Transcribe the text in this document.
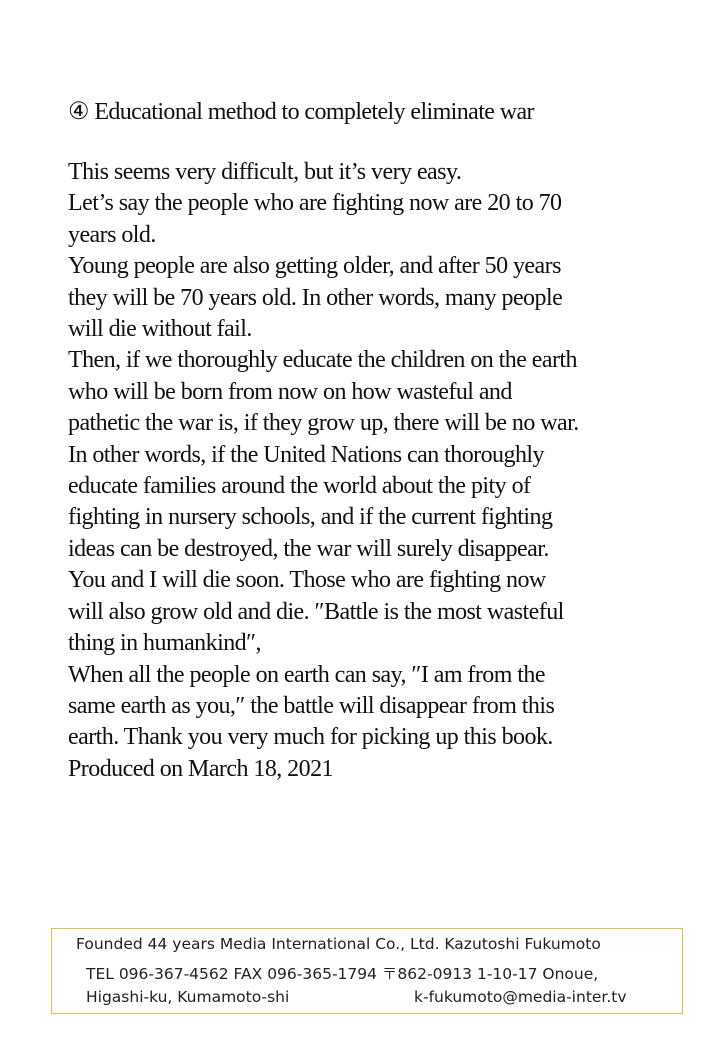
④ Educational method to completely eliminate war
This seems very difficult, but it’s very easy.
Let’s say the people who are fighting now are 20 to 70
years old.
Young people are also getting older, and after 50 years
they will be 70 years old. In other words, many people
will die without fail.
Then, if we thoroughly educate the children on the earth
who will be born from now on how wasteful and
pathetic the war is, if they grow up, there will be no war.
In other words, if the United Nations can thoroughly
educate families around the world about the pity of
fighting in nursery schools, and if the current fighting
ideas can be destroyed, the war will surely disappear.
You and I will die soon. Those who are fighting now
will also grow old and die. ″Battle is the most wasteful
thing in humankind″,
When all the people on earth can say, ″I am from the
same earth as you,″ the battle will disappear from this
earth. Thank you very much for picking up this book.
Produced on March 18, 2021
Founded 44 years Media International Co., Ltd. Kazutoshi Fukumoto
TEL 096-367-4562 FAX 096-365-1794 〒862-0913 1-10-17 Onoue,
Higashi-ku, Kumamoto-shi	k-fukumoto@media-inter.tv
